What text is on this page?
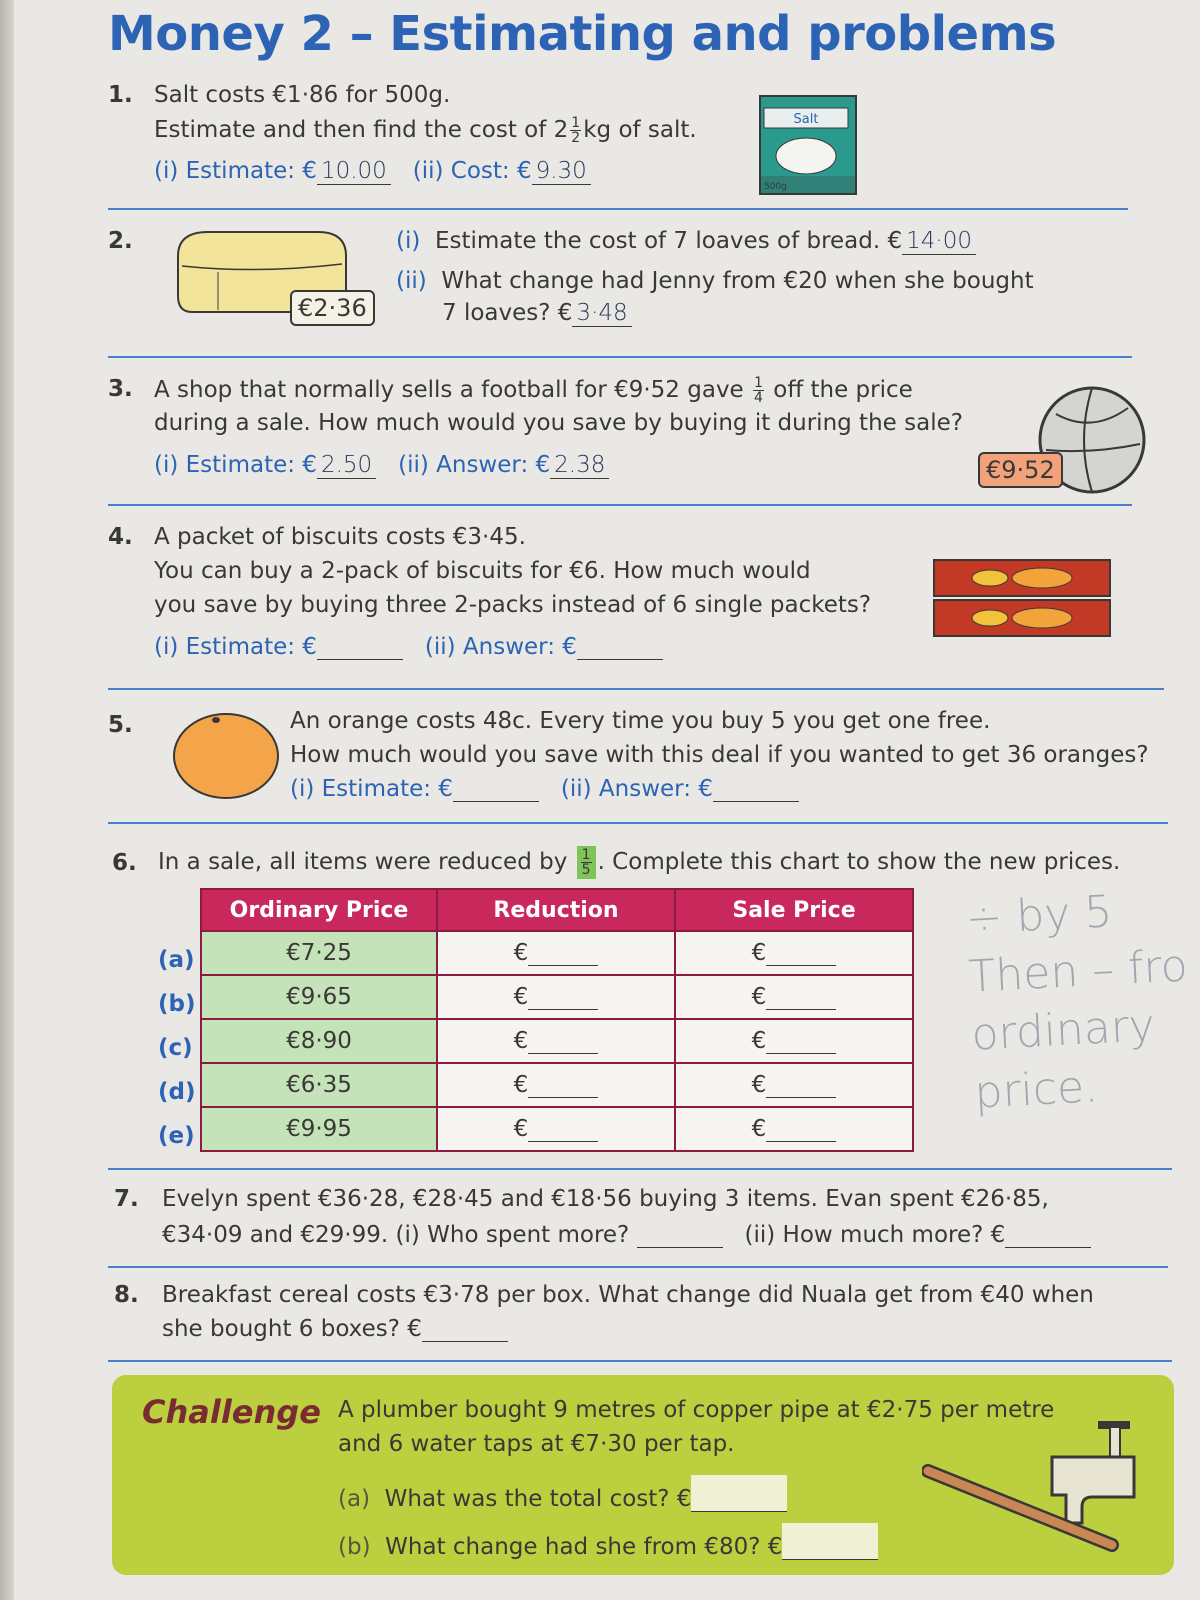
Money 2 – Estimating and problems
1. Salt costs €1·86 for 500g.
Estimate and then find the cost of $2 \frac{1}{2}$ kg of salt.
(i) Estimate: € 10.00 (ii) Cost: € 9.30
Salt
500g
2.
€2·36
(i) Estimate the cost of 7 loaves of bread. € 14·00
(ii) What change had Jenny from €20 when she bought
7 loaves? € 3·48
3. A shop that normally sells a football for €9·52 gave $\frac{1}{4}$ off the price
during a sale. How much would you save by buying it during the sale?
(i) Estimate: € 2.50 (ii) Answer: € 2.38	€9·52
4. A packet of biscuits costs €3·45.
You can buy a 2-pack of biscuits for €6. How much would
you save by buying three 2-packs instead of 6 single packets?
(i) Estimate: €	(ii) Answer: €
5.	An orange costs 48c. Every time you buy 5 you get one free.
How much would you save with this deal if you wanted to get 36 oranges?
(i) Estimate: €	(ii) Answer: €
6. In a sale, all items were reduced by $\frac{1}{5}$ . Complete this chart to show the new prices.
(a)
(b)
(c)
(d)
(e)
Ordinary Price	Reduction	Sale Price
€7·25	€	€
€9·65	€	€
€8·90	€	€
€6·35	€	€
€9·95	€	€
÷ by 5
Then – fro
ordinary
price.
7. Evelyn spent €36·28, €28·45 and €18·56 buying 3 items. Evan spent €26·85,
€34·09 and €29·99. (i) Who spent more?	(ii) How much more? €
8. Breakfast cereal costs €3·78 per box. What change did Nuala get from €40 when
she bought 6 boxes? €
Challenge A plumber bought 9 metres of copper pipe at €2·75 per metre
and 6 water taps at €7·30 per tap.
(a) What was the total cost? €
(b) What change had she from €80? €
